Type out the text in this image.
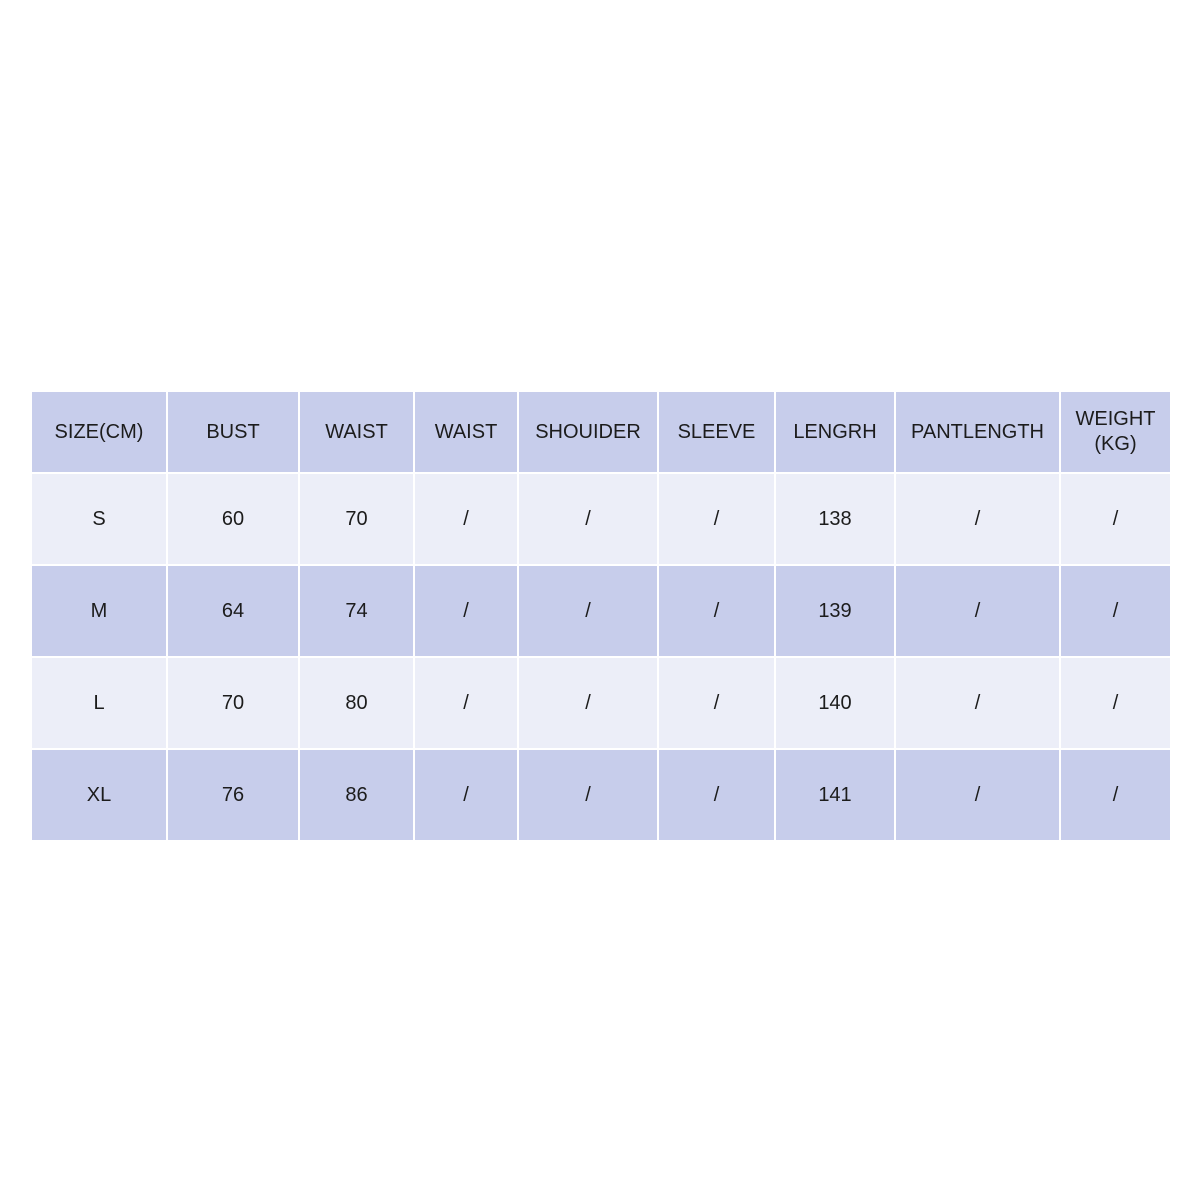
SIZE(CM)	BUST	WAIST	WAIST	SHOUIDER	SLEEVE	LENGRH	PANTLENGTH	WEIGHT
(KG)
S	60	70	/	/	/	138	/	/
M	64	74	/	/	/	139	/	/
L	70	80	/	/	/	140	/	/
XL	76	86	/	/	/	141	/	/
